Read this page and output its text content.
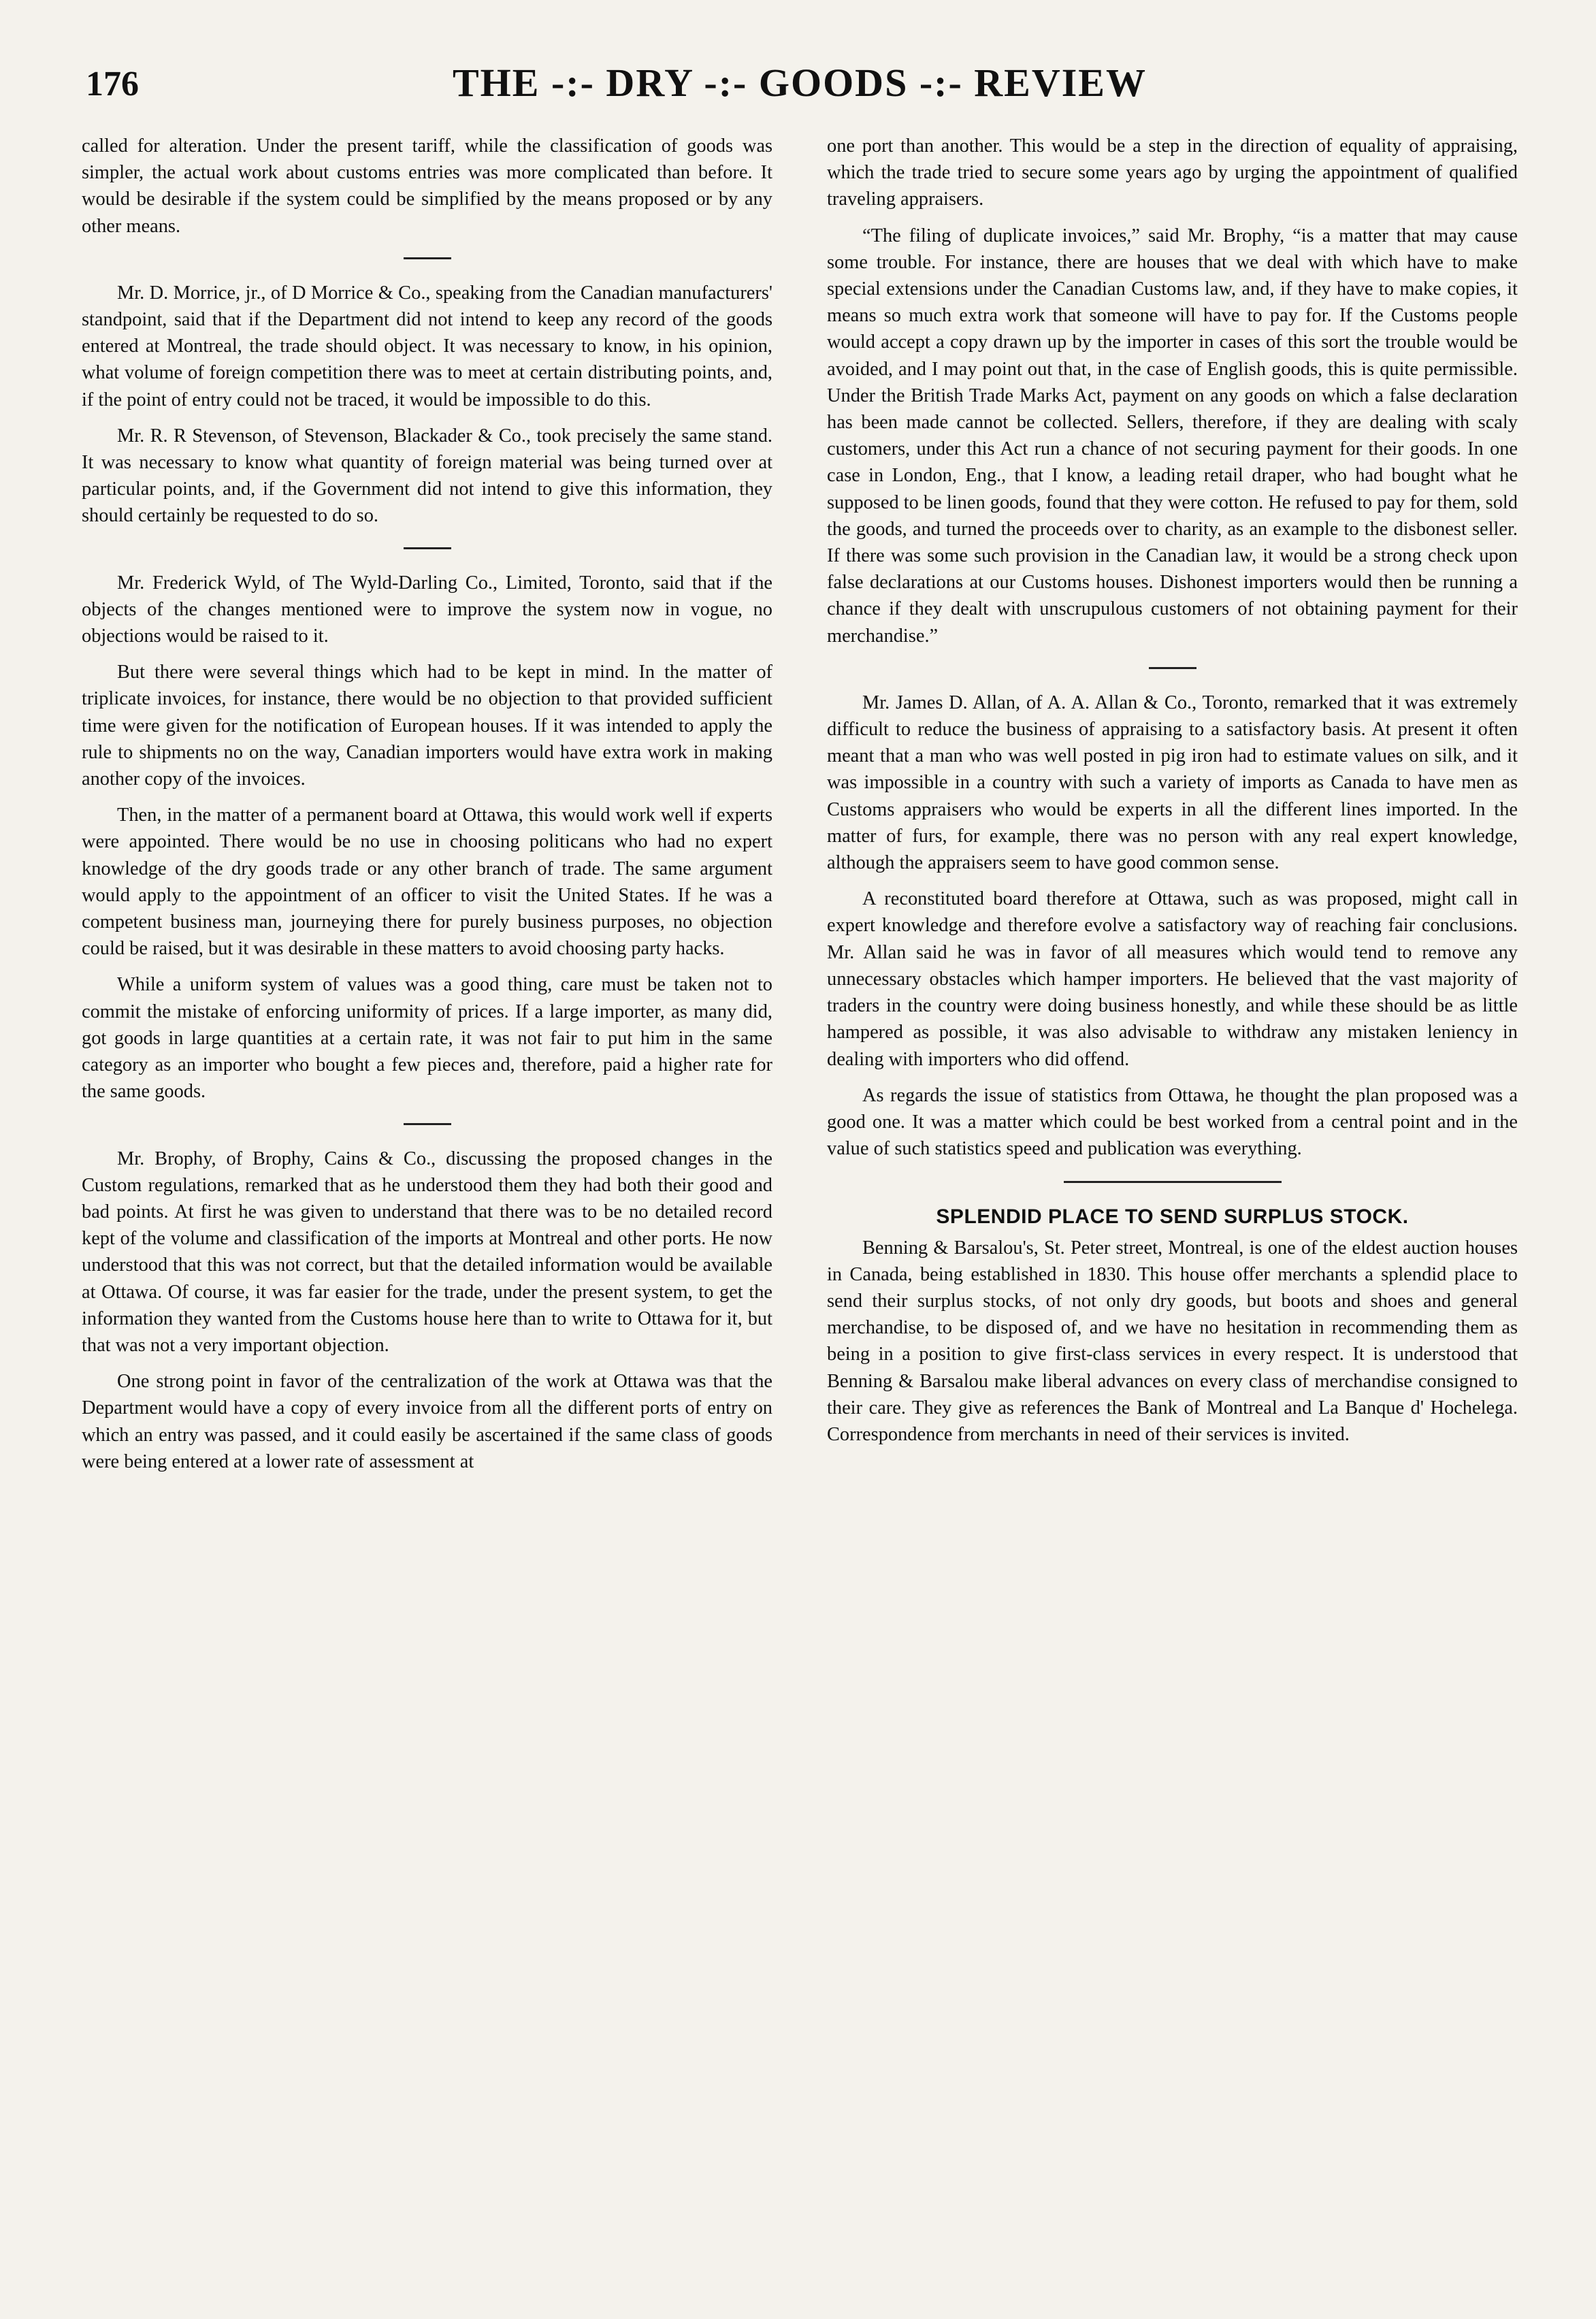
176	THE -:- DRY -:- GOODS -:- REVIEW

called for alteration. Under the present tariff, while the classification of goods was simpler, the actual work about customs entries was more complicated than before. It would be desirable if the system could be simplified by the means proposed or by any other means.

Mr. D. Morrice, jr., of D Morrice & Co., speaking from the Canadian manufacturers' standpoint, said that if the Department did not intend to keep any record of the goods entered at Montreal, the trade should object. It was necessary to know, in his opinion, what volume of foreign competition there was to meet at certain distributing points, and, if the point of entry could not be traced, it would be impossible to do this.

Mr. R. R Stevenson, of Stevenson, Blackader & Co., took precisely the same stand. It was necessary to know what quantity of foreign material was being turned over at particular points, and, if the Government did not intend to give this information, they should certainly be requested to do so.

Mr. Frederick Wyld, of The Wyld-Darling Co., Limited, Toronto, said that if the objects of the changes mentioned were to improve the system now in vogue, no objections would be raised to it.

But there were several things which had to be kept in mind. In the matter of triplicate invoices, for instance, there would be no objection to that provided sufficient time were given for the notification of European houses. If it was intended to apply the rule to shipments no on the way, Canadian importers would have extra work in making another copy of the invoices.

Then, in the matter of a permanent board at Ottawa, this would work well if experts were appointed. There would be no use in choosing politicans who had no expert knowledge of the dry goods trade or any other branch of trade. The same argument would apply to the appointment of an officer to visit the United States. If he was a competent business man, journeying there for purely business purposes, no objection could be raised, but it was desirable in these matters to avoid choosing party hacks.

While a uniform system of values was a good thing, care must be taken not to commit the mistake of enforcing uniformity of prices. If a large importer, as many did, got goods in large quantities at a certain rate, it was not fair to put him in the same category as an importer who bought a few pieces and, therefore, paid a higher rate for the same goods.

Mr. Brophy, of Brophy, Cains & Co., discussing the proposed changes in the Custom regulations, remarked that as he understood them they had both their good and bad points. At first he was given to understand that there was to be no detailed record kept of the volume and classification of the imports at Montreal and other ports. He now understood that this was not correct, but that the detailed information would be available at Ottawa. Of course, it was far easier for the trade, under the present system, to get the information they wanted from the Customs house here than to write to Ottawa for it, but that was not a very important objection.

One strong point in favor of the centralization of the work at Ottawa was that the Department would have a copy of every invoice from all the different ports of entry on which an entry was passed, and it could easily be ascertained if the same class of goods were being entered at a lower rate of assessment at

one port than another. This would be a step in the direction of equality of appraising, which the trade tried to secure some years ago by urging the appointment of qualified traveling appraisers.

“The filing of duplicate invoices,” said Mr. Brophy, “is a matter that may cause some trouble. For instance, there are houses that we deal with which have to make special extensions under the Canadian Customs law, and, if they have to make copies, it means so much extra work that someone will have to pay for. If the Customs people would accept a copy drawn up by the importer in cases of this sort the trouble would be avoided, and I may point out that, in the case of English goods, this is quite permissible. Under the British Trade Marks Act, payment on any goods on which a false declaration has been made cannot be collected. Sellers, therefore, if they are dealing with scaly customers, under this Act run a chance of not securing payment for their goods. In one case in London, Eng., that I know, a leading retail draper, who had bought what he supposed to be linen goods, found that they were cotton. He refused to pay for them, sold the goods, and turned the proceeds over to charity, as an example to the disbonest seller. If there was some such provision in the Canadian law, it would be a strong check upon false declarations at our Customs houses. Dishonest importers would then be running a chance if they dealt with unscrupulous customers of not obtaining payment for their merchandise.”

Mr. James D. Allan, of A. A. Allan & Co., Toronto, remarked that it was extremely difficult to reduce the business of appraising to a satisfactory basis. At present it often meant that a man who was well posted in pig iron had to estimate values on silk, and it was impossible in a country with such a variety of imports as Canada to have men as Customs appraisers who would be experts in all the different lines imported. In the matter of furs, for example, there was no person with any real expert knowledge, although the appraisers seem to have good common sense.

A reconstituted board therefore at Ottawa, such as was proposed, might call in expert knowledge and therefore evolve a satisfactory way of reaching fair conclusions. Mr. Allan said he was in favor of all measures which would tend to remove any unnecessary obstacles which hamper importers. He believed that the vast majority of traders in the country were doing business honestly, and while these should be as little hampered as possible, it was also advisable to withdraw any mistaken leniency in dealing with importers who did offend.

As regards the issue of statistics from Ottawa, he thought the plan proposed was a good one. It was a matter which could be best worked from a central point and in the value of such statistics speed and publication was everything.

SPLENDID PLACE TO SEND SURPLUS STOCK.

Benning & Barsalou's, St. Peter street, Montreal, is one of the eldest auction houses in Canada, being established in 1830. This house offer merchants a splendid place to send their surplus stocks, of not only dry goods, but boots and shoes and general merchandise, to be disposed of, and we have no hesitation in recommending them as being in a position to give first-class services in every respect. It is understood that Benning & Barsalou make liberal advances on every class of merchandise consigned to their care. They give as references the Bank of Montreal and La Banque d' Hochelega. Correspondence from merchants in need of their services is invited.
